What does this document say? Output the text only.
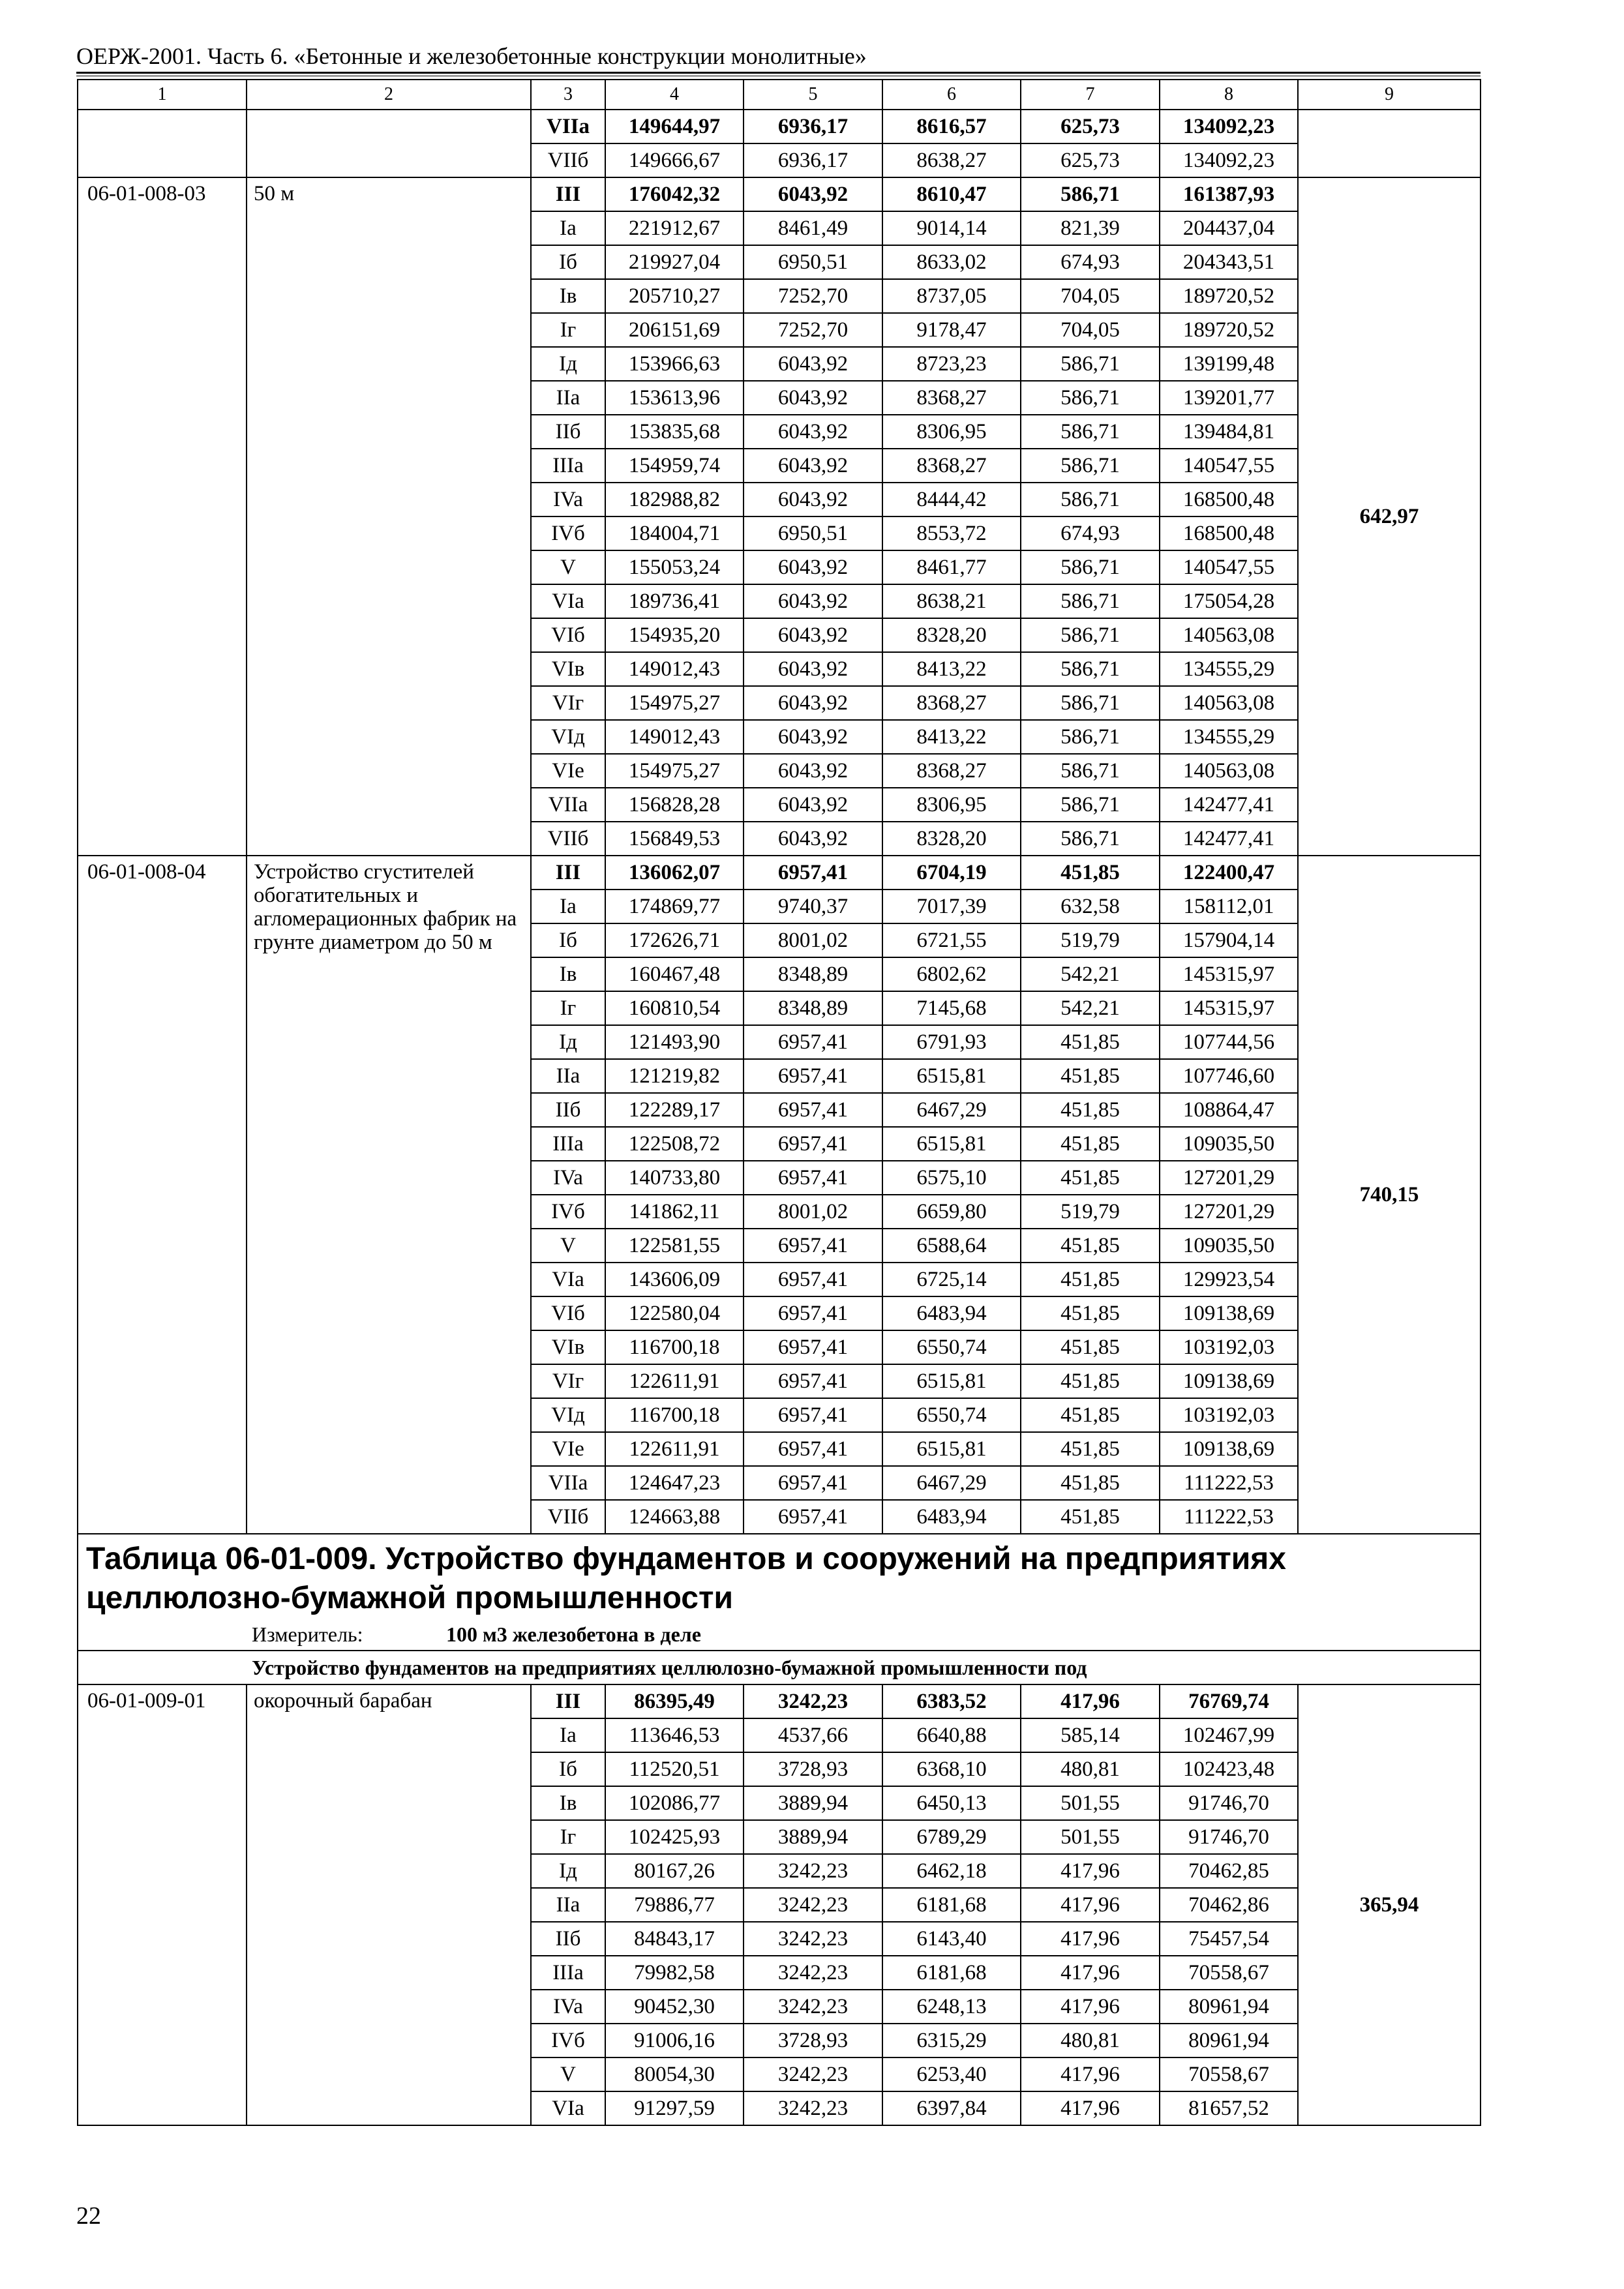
ОЕРЖ-2001. Часть 6. «Бетонные и железобетонные конструкции монолитные»
1	2	3	4	5	6	7	8	9
		VIIa	149644,97	6936,17	8616,57	625,73	134092,23	
		VIIб	149666,67	6936,17	8638,27	625,73	134092,23	
06-01-008-03	50 м	III	176042,32	6043,92	8610,47	586,71	161387,93	642,97
		Ia	221912,67	8461,49	9014,14	821,39	204437,04	
		Iб	219927,04	6950,51	8633,02	674,93	204343,51	
		Iв	205710,27	7252,70	8737,05	704,05	189720,52	
		Iг	206151,69	7252,70	9178,47	704,05	189720,52	
		Iд	153966,63	6043,92	8723,23	586,71	139199,48	
		IIa	153613,96	6043,92	8368,27	586,71	139201,77	
		IIб	153835,68	6043,92	8306,95	586,71	139484,81	
		IIIa	154959,74	6043,92	8368,27	586,71	140547,55	
		IVa	182988,82	6043,92	8444,42	586,71	168500,48	
		IVб	184004,71	6950,51	8553,72	674,93	168500,48	
		V	155053,24	6043,92	8461,77	586,71	140547,55	
		VIa	189736,41	6043,92	8638,21	586,71	175054,28	
		VIб	154935,20	6043,92	8328,20	586,71	140563,08	
		VIв	149012,43	6043,92	8413,22	586,71	134555,29	
		VIг	154975,27	6043,92	8368,27	586,71	140563,08	
		VIд	149012,43	6043,92	8413,22	586,71	134555,29	
		VIe	154975,27	6043,92	8368,27	586,71	140563,08	
		VIIa	156828,28	6043,92	8306,95	586,71	142477,41	
		VIIб	156849,53	6043,92	8328,20	586,71	142477,41	
06-01-008-04	Устройство сгустителей обогатительных и агломерационных фабрик на грунте диаметром до 50 м	III	136062,07	6957,41	6704,19	451,85	122400,47	740,15
		Ia	174869,77	9740,37	7017,39	632,58	158112,01	
		Iб	172626,71	8001,02	6721,55	519,79	157904,14	
		Iв	160467,48	8348,89	6802,62	542,21	145315,97	
		Iг	160810,54	8348,89	7145,68	542,21	145315,97	
		Iд	121493,90	6957,41	6791,93	451,85	107744,56	
		IIa	121219,82	6957,41	6515,81	451,85	107746,60	
		IIб	122289,17	6957,41	6467,29	451,85	108864,47	
		IIIa	122508,72	6957,41	6515,81	451,85	109035,50	
		IVa	140733,80	6957,41	6575,10	451,85	127201,29	
		IVб	141862,11	8001,02	6659,80	519,79	127201,29	
		V	122581,55	6957,41	6588,64	451,85	109035,50	
		VIa	143606,09	6957,41	6725,14	451,85	129923,54	
		VIб	122580,04	6957,41	6483,94	451,85	109138,69	
		VIв	116700,18	6957,41	6550,74	451,85	103192,03	
		VIг	122611,91	6957,41	6515,81	451,85	109138,69	
		VIд	116700,18	6957,41	6550,74	451,85	103192,03	
		VIe	122611,91	6957,41	6515,81	451,85	109138,69	
		VIIa	124647,23	6957,41	6467,29	451,85	111222,53	
		VIIб	124663,88	6957,41	6483,94	451,85	111222,53	
Таблица 06-01-009. Устройство фундаментов и сооружений на предприятиях целлюлозно-бумажной промышленности								
Измеритель: 100 м3 железобетона в деле								
Устройство фундаментов на предприятиях целлюлозно-бумажной промышленности под								
06-01-009-01	окорочный барабан	III	86395,49	3242,23	6383,52	417,96	76769,74	365,94
		Ia	113646,53	4537,66	6640,88	585,14	102467,99	
		Iб	112520,51	3728,93	6368,10	480,81	102423,48	
		Iв	102086,77	3889,94	6450,13	501,55	91746,70	
		Iг	102425,93	3889,94	6789,29	501,55	91746,70	
		Iд	80167,26	3242,23	6462,18	417,96	70462,85	
		IIa	79886,77	3242,23	6181,68	417,96	70462,86	
		IIб	84843,17	3242,23	6143,40	417,96	75457,54	
		IIIa	79982,58	3242,23	6181,68	417,96	70558,67	
		IVa	90452,30	3242,23	6248,13	417,96	80961,94	
		IVб	91006,16	3728,93	6315,29	480,81	80961,94	
		V	80054,30	3242,23	6253,40	417,96	70558,67	
		VIa	91297,59	3242,23	6397,84	417,96	81657,52	
22
